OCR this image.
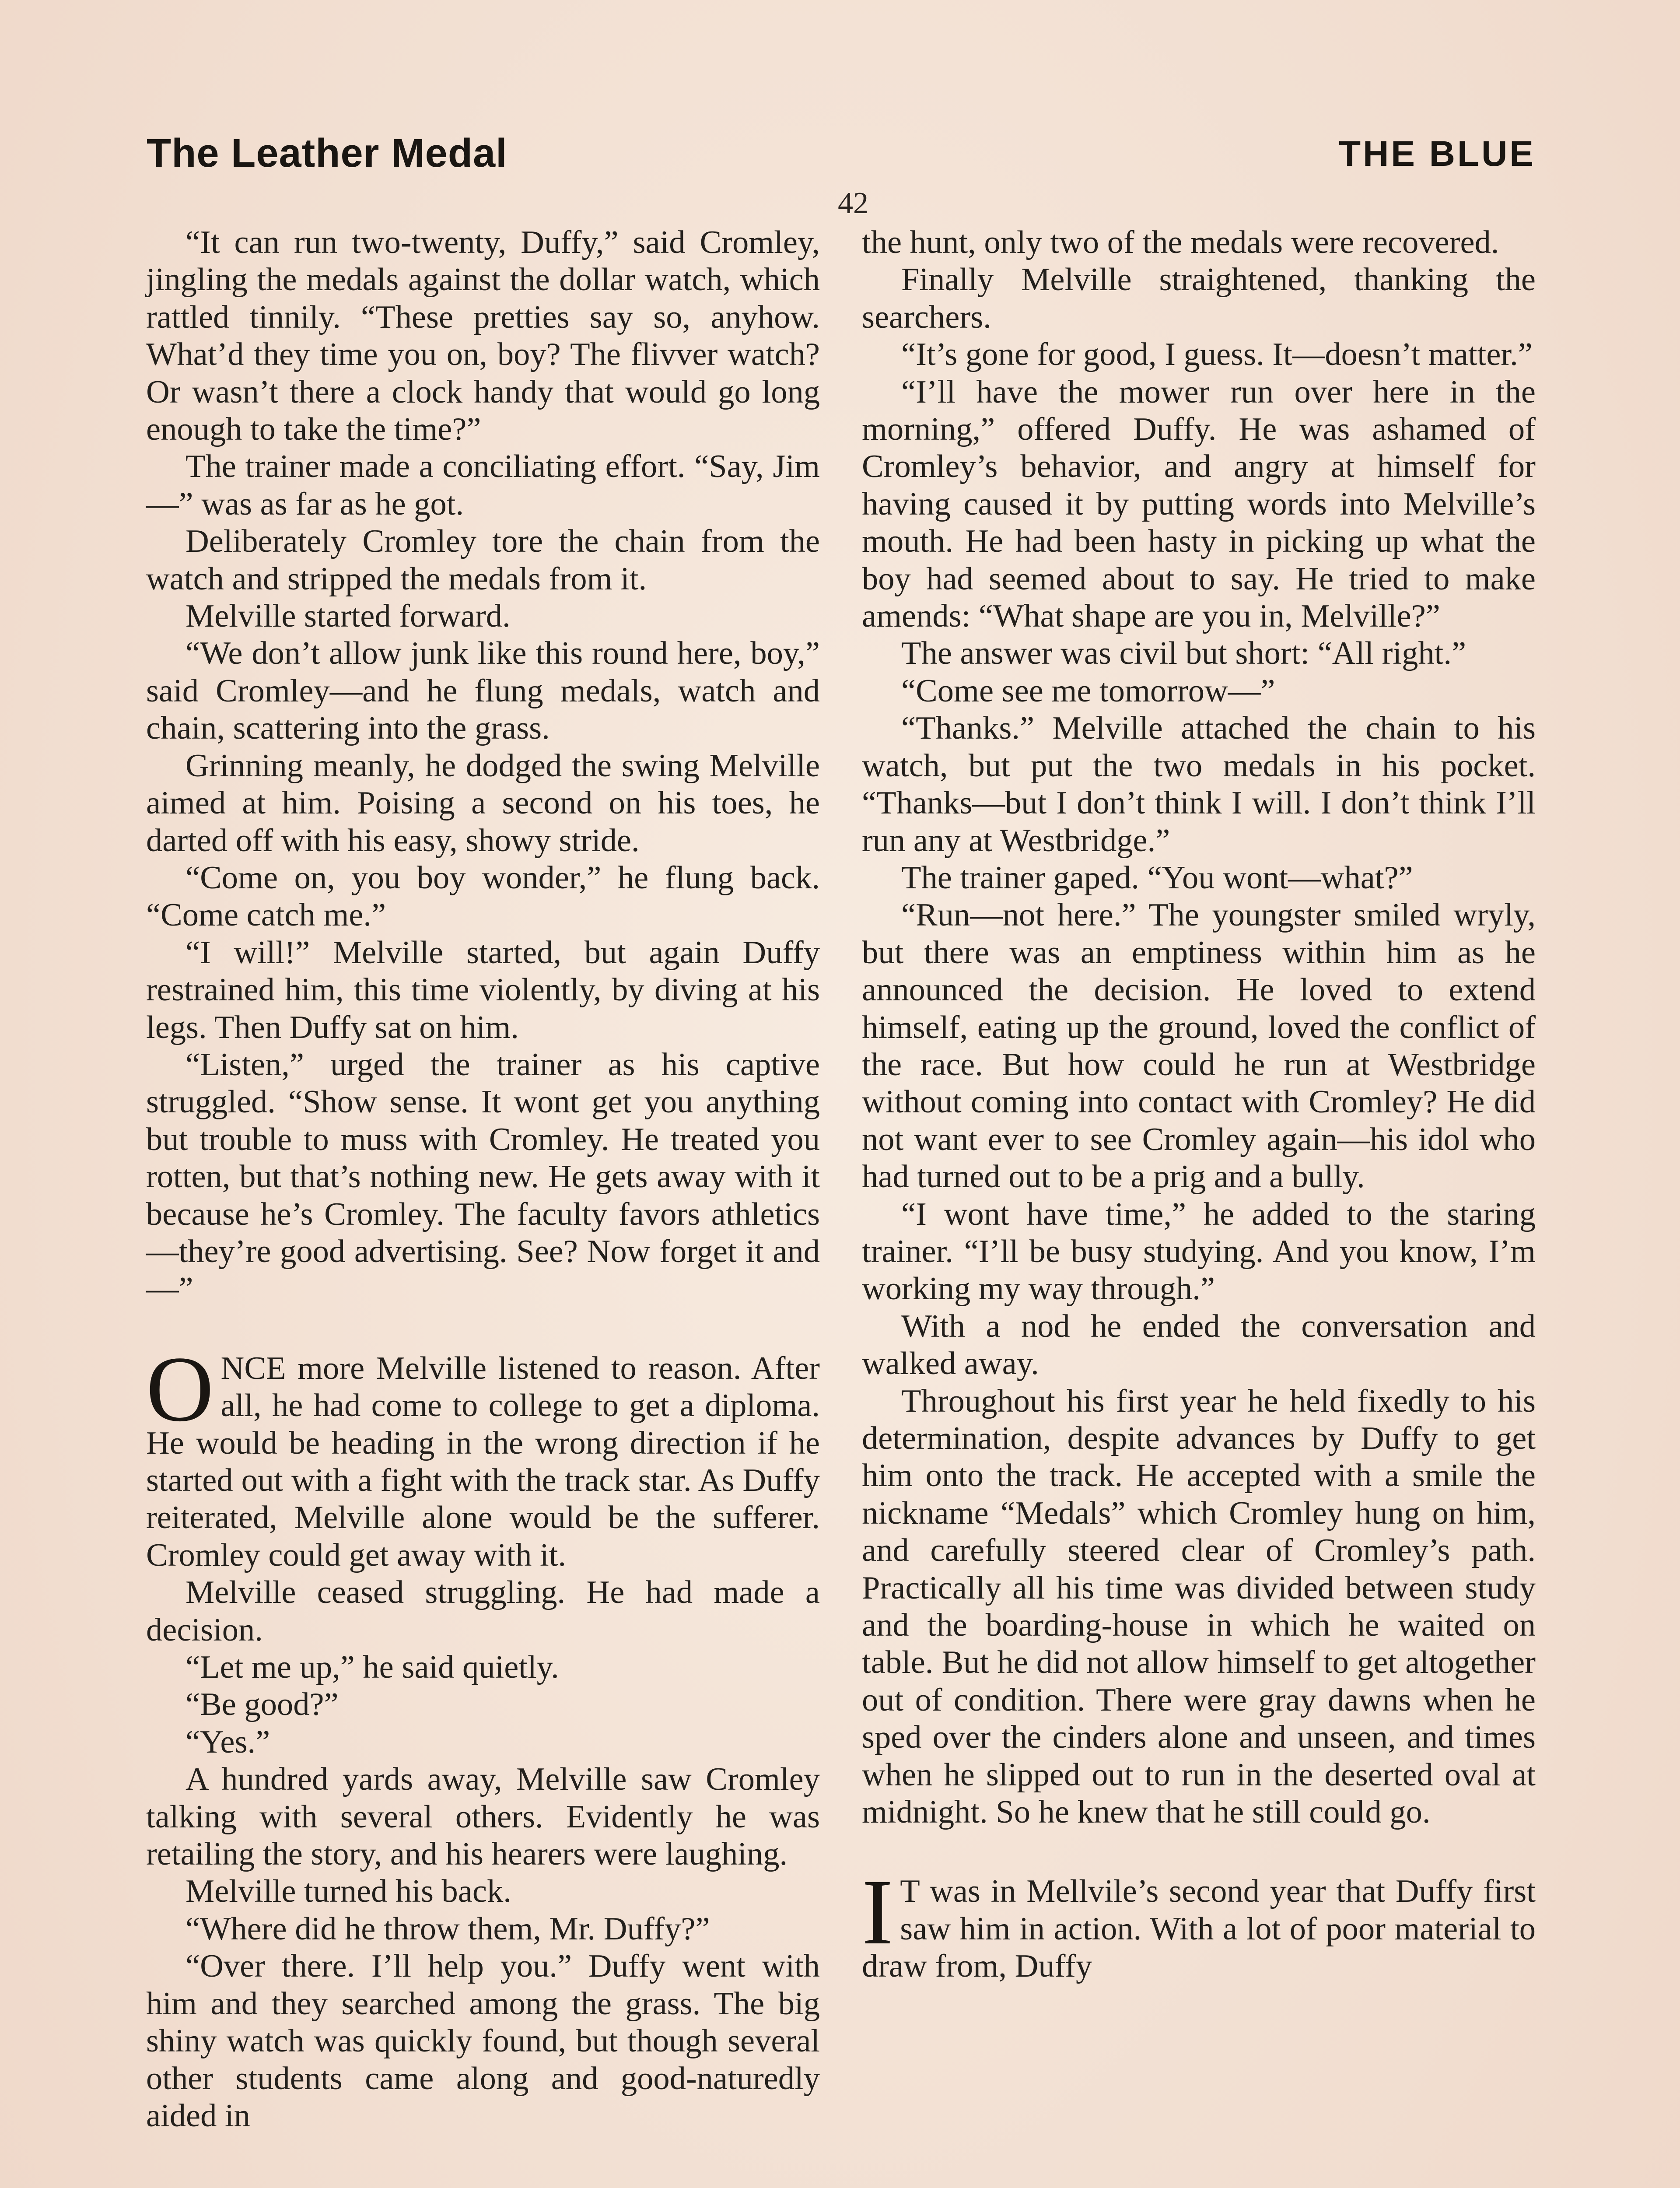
The Leather Medal	THE BLUE
42

“It can run two-twenty, Duffy,” said Cromley, jingling the medals against the dollar watch, which rattled tinnily. “These pretties say so, anyhow. What’d they time you on, boy? The flivver watch? Or wasn’t there a clock handy that would go long enough to take the time?”

The trainer made a conciliating effort. “Say, Jim—” was as far as he got.

Deliberately Cromley tore the chain from the watch and stripped the medals from it.

Melville started forward.

“We don’t allow junk like this round here, boy,” said Cromley—and he flung medals, watch and chain, scattering into the grass.

Grinning meanly, he dodged the swing Melville aimed at him. Poising a second on his toes, he darted off with his easy, showy stride.

“Come on, you boy wonder,” he flung back. “Come catch me.”

“I will!” Melville started, but again Duffy restrained him, this time violently, by diving at his legs. Then Duffy sat on him.

“Listen,” urged the trainer as his captive struggled. “Show sense. It wont get you anything but trouble to muss with Cromley. He treated you rotten, but that’s nothing new. He gets away with it because he’s Cromley. The faculty favors athletics—they’re good advertising. See? Now forget it and—”

ONCE more Melville listened to reason. After all, he had come to college to get a diploma. He would be heading in the wrong direction if he started out with a fight with the track star. As Duffy reiterated, Melville alone would be the sufferer. Cromley could get away with it.

Melville ceased struggling. He had made a decision.

“Let me up,” he said quietly.

“Be good?”

“Yes.”

A hundred yards away, Melville saw Cromley talking with several others. Evidently he was retailing the story, and his hearers were laughing.

Melville turned his back.

“Where did he throw them, Mr. Duffy?”

“Over there. I’ll help you.” Duffy went with him and they searched among the grass. The big shiny watch was quickly found, but though several other students came along and good-naturedly aided in

the hunt, only two of the medals were recovered.

Finally Melville straightened, thanking the searchers.

“It’s gone for good, I guess. It—doesn’t matter.”

“I’ll have the mower run over here in the morning,” offered Duffy. He was ashamed of Cromley’s behavior, and angry at himself for having caused it by putting words into Melville’s mouth. He had been hasty in picking up what the boy had seemed about to say. He tried to make amends: “What shape are you in, Melville?”

The answer was civil but short: “All right.”

“Come see me tomorrow—”

“Thanks.” Melville attached the chain to his watch, but put the two medals in his pocket. “Thanks—but I don’t think I will. I don’t think I’ll run any at Westbridge.”

The trainer gaped. “You wont—what?”

“Run—not here.” The youngster smiled wryly, but there was an emptiness within him as he announced the decision. He loved to extend himself, eating up the ground, loved the conflict of the race. But how could he run at Westbridge without coming into contact with Cromley? He did not want ever to see Cromley again—his idol who had turned out to be a prig and a bully.

“I wont have time,” he added to the staring trainer. “I’ll be busy studying. And you know, I’m working my way through.”

With a nod he ended the conversation and walked away.

Throughout his first year he held fixedly to his determination, despite advances by Duffy to get him onto the track. He accepted with a smile the nickname “Medals” which Cromley hung on him, and carefully steered clear of Cromley’s path. Practically all his time was divided between study and the boarding-house in which he waited on table. But he did not allow himself to get altogether out of condition. There were gray dawns when he sped over the cinders alone and unseen, and times when he slipped out to run in the deserted oval at midnight. So he knew that he still could go.

I T was in Mellvile’s second year that Duffy first saw him in action. With a lot of poor material to draw from, Duffy
